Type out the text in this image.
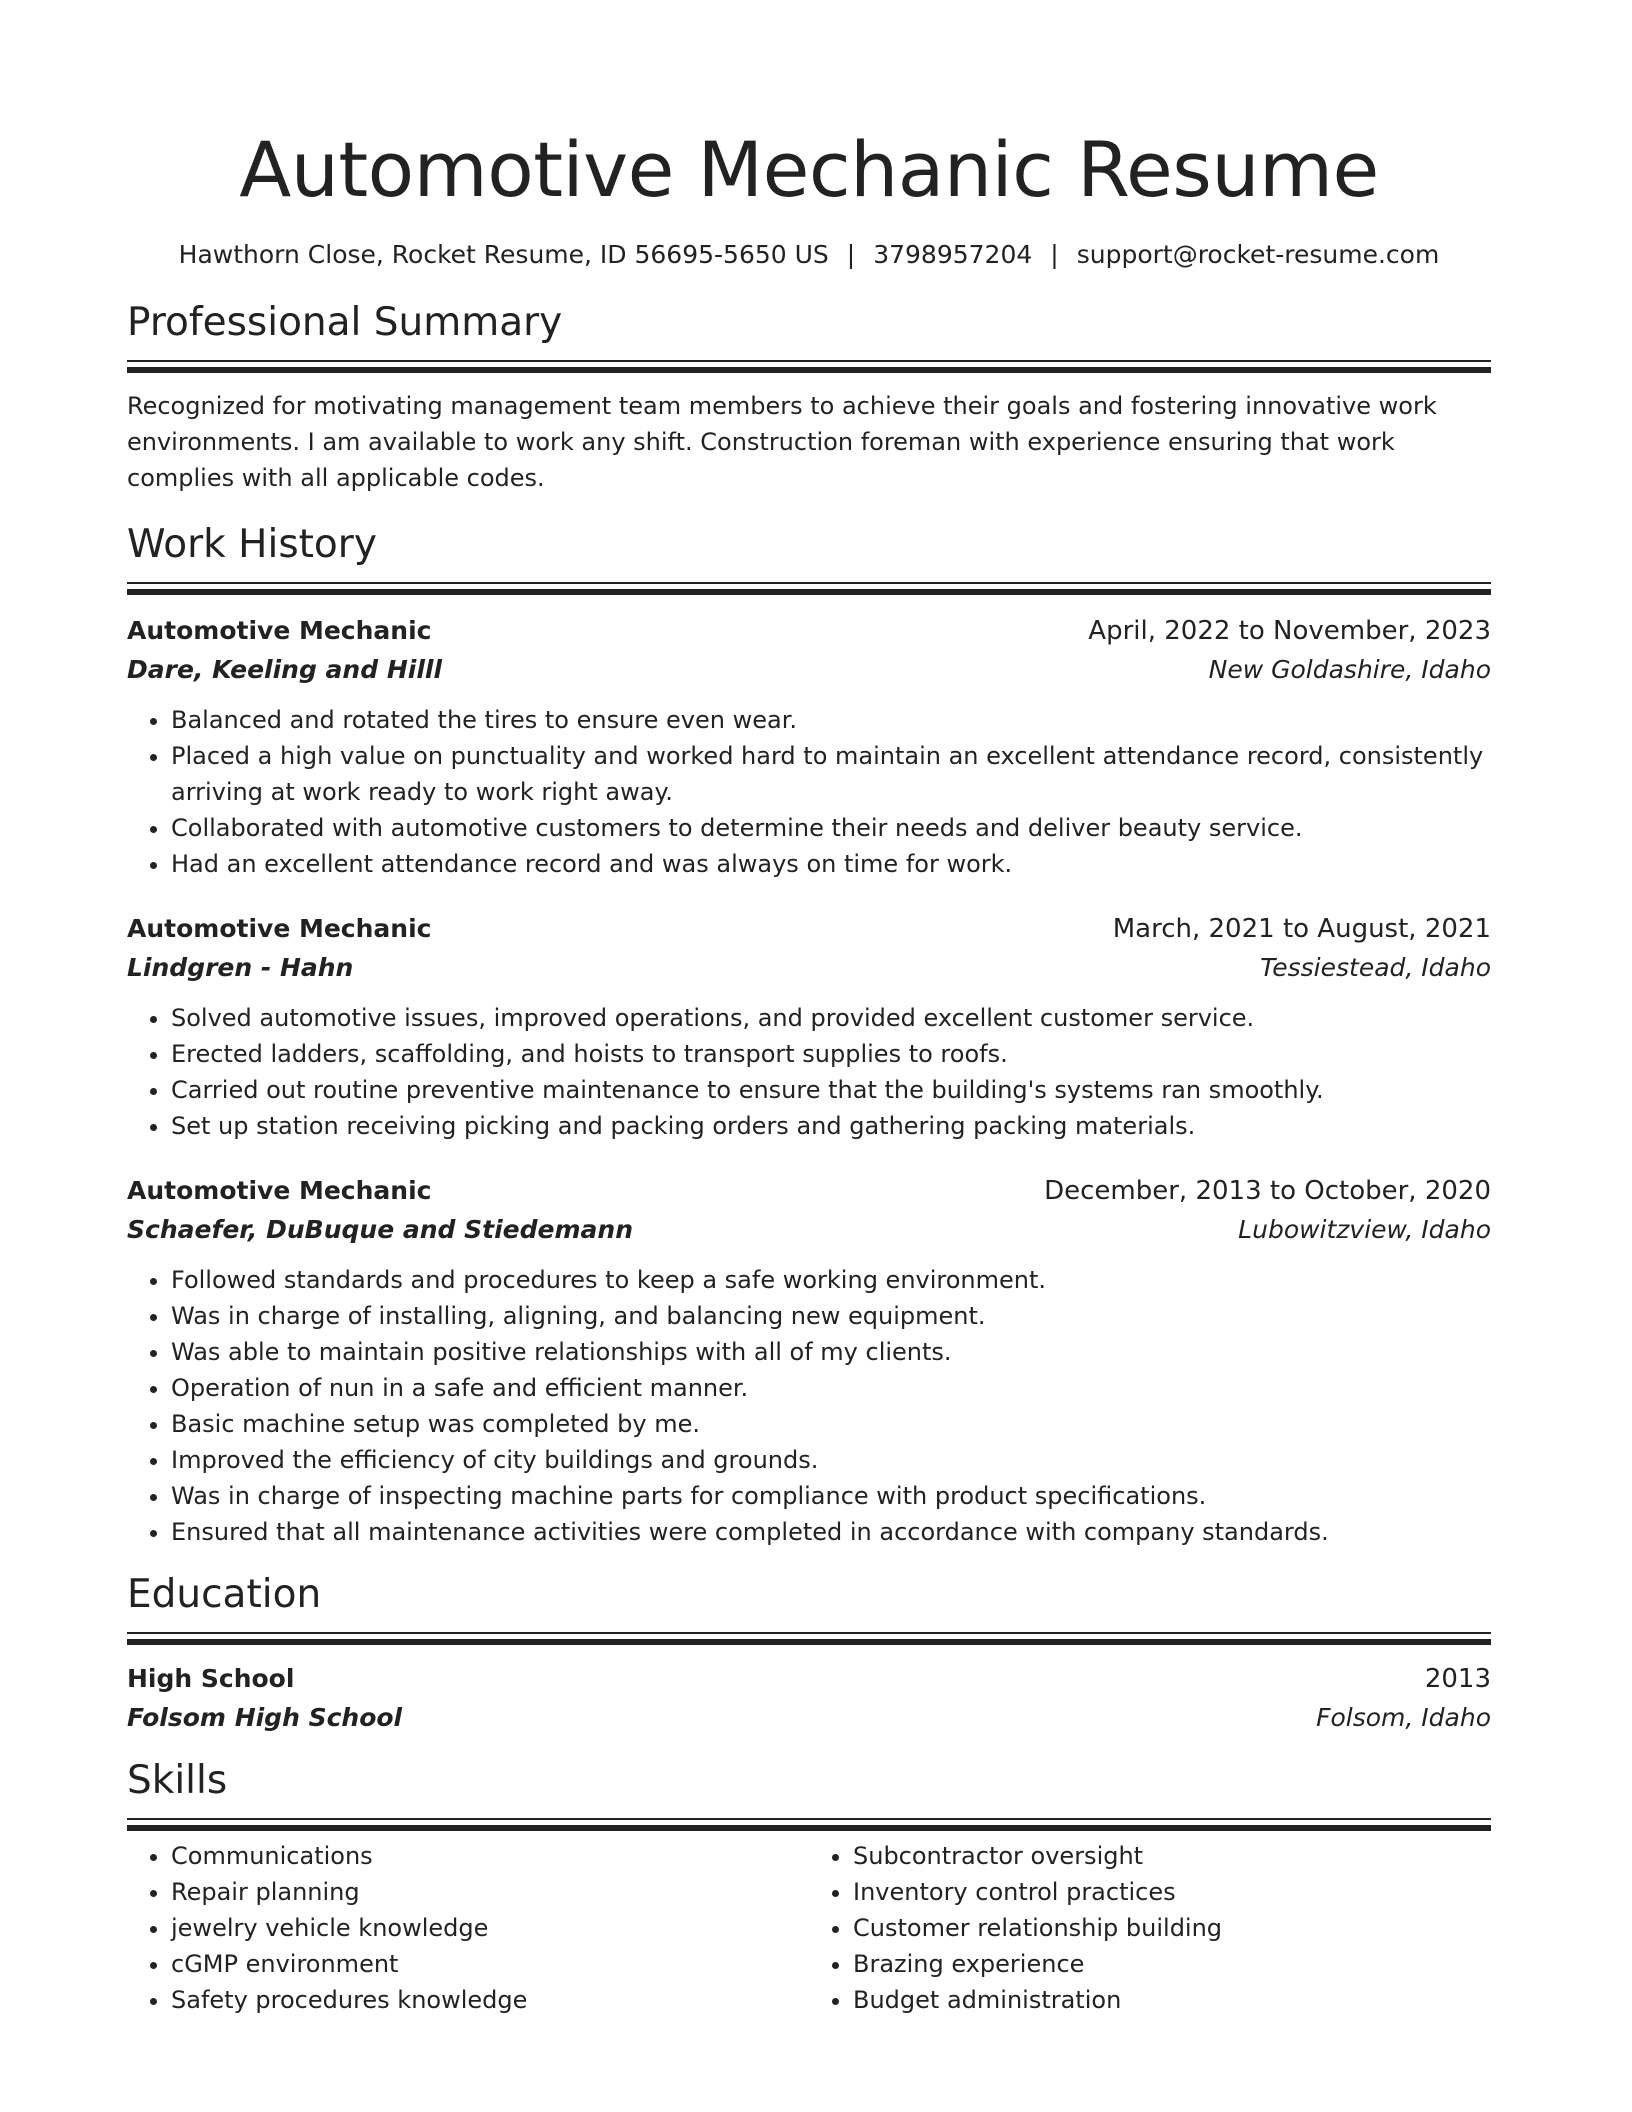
Automotive Mechanic Resume
Hawthorn Close, Rocket Resume, ID 56695-5650 US | 3798957204 | support@rocket-resume.com
Professional Summary
Recognized for motivating management team members to achieve their goals and fostering innovative work environments. I am available to work any shift. Construction foreman with experience ensuring that work complies with all applicable codes.
Work History
Automotive Mechanic	April, 2022 to November, 2023
Dare, Keeling and Hilll	New Goldashire, Idaho
• Balanced and rotated the tires to ensure even wear.
• Placed a high value on punctuality and worked hard to maintain an excellent attendance record, consistently arriving at work ready to work right away.
• Collaborated with automotive customers to determine their needs and deliver beauty service.
• Had an excellent attendance record and was always on time for work.
Automotive Mechanic	March, 2021 to August, 2021
Lindgren - Hahn	Tessiestead, Idaho
• Solved automotive issues, improved operations, and provided excellent customer service.
• Erected ladders, scaffolding, and hoists to transport supplies to roofs.
• Carried out routine preventive maintenance to ensure that the building's systems ran smoothly.
• Set up station receiving picking and packing orders and gathering packing materials.
Automotive Mechanic	December, 2013 to October, 2020
Schaefer, DuBuque and Stiedemann	Lubowitzview, Idaho
• Followed standards and procedures to keep a safe working environment.
• Was in charge of installing, aligning, and balancing new equipment.
• Was able to maintain positive relationships with all of my clients.
• Operation of nun in a safe and efficient manner.
• Basic machine setup was completed by me.
• Improved the efficiency of city buildings and grounds.
• Was in charge of inspecting machine parts for compliance with product specifications.
• Ensured that all maintenance activities were completed in accordance with company standards.
Education
High School	2013
Folsom High School	Folsom, Idaho
Skills
• Communications
• Repair planning
• jewelry vehicle knowledge
• cGMP environment
• Safety procedures knowledge
• Subcontractor oversight
• Inventory control practices
• Customer relationship building
• Brazing experience
• Budget administration
